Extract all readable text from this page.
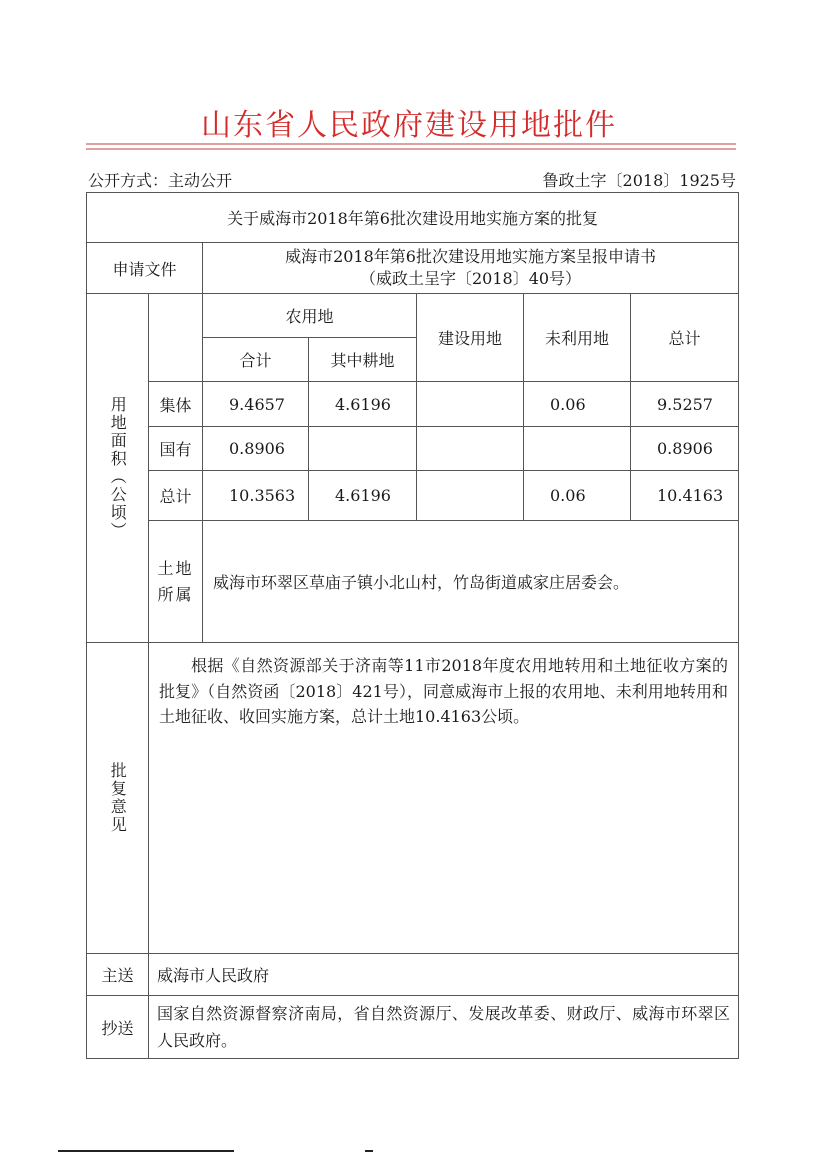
山东省人民政府建设用地批件
公开方式：主动公开	鲁政土字〔2018〕1925号
关于威海市2018年第6批次建设用地实施方案的批复						
申请文件		威海市2018年第6批次建设用地实施方案呈报申请书
（威政土呈字〔2018〕40号）				

用地面积（公顷）		农用地		建设用地	未利用地	总计
		合计	其中耕地			
	集体	9.4657	4.6196		0.06	9.5257
	国有	0.8906				0.8906
	总计	10.3563	4.6196		0.06	10.4163

	土地所属	威海市环翠区草庙子镇小北山村，竹岛街道戚家庄居委会。				

批复意见	根据《自然资源部关于济南等11市2018年度农用地转用和土地征收方案的批复》（自然资函〔2018〕421号），同意威海市上报的农用地、未利用地转用和土地征收、收回实施方案，总计土地10.4163公顷。					
主送	威海市人民政府					
抄送	国家自然资源督察济南局，省自然资源厅、发展改革委、财政厅、威海市环翠区人民政府。					
